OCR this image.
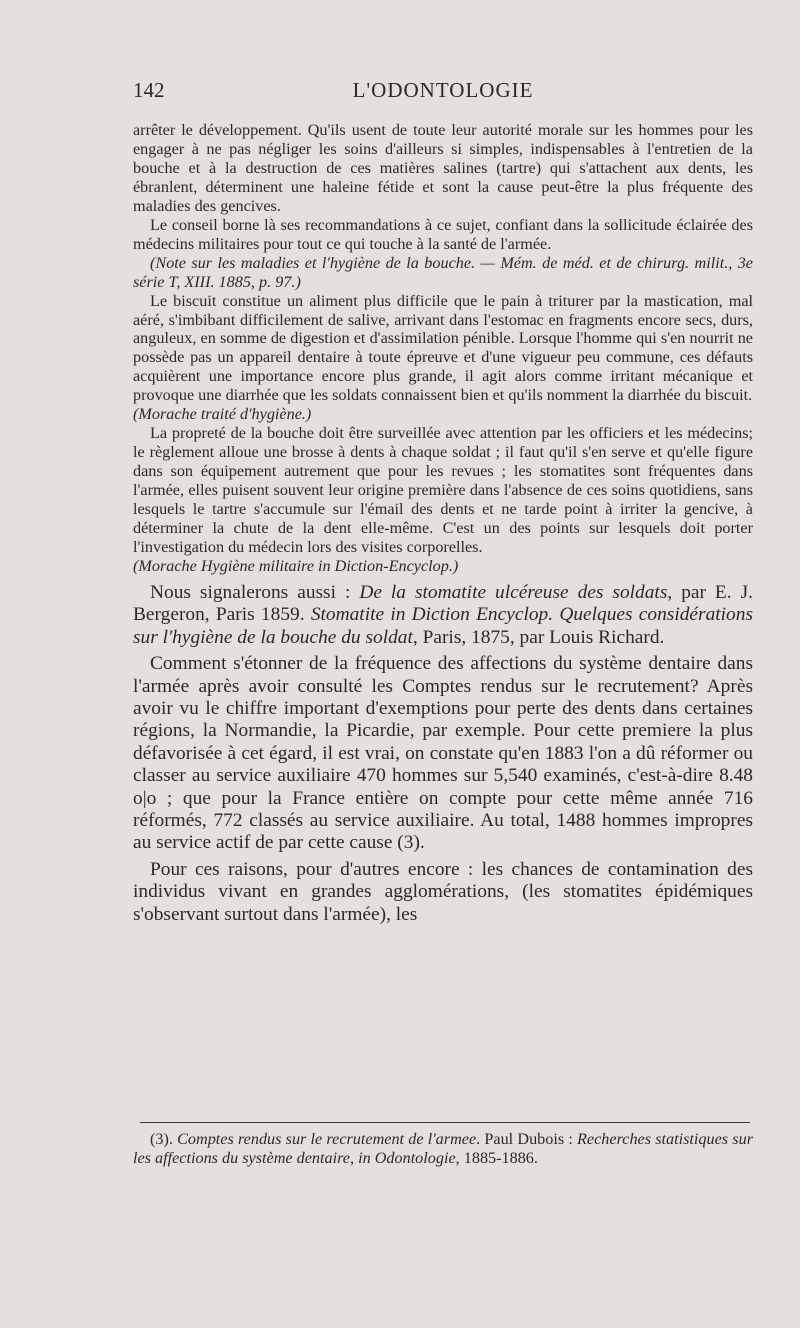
142	L'ODONTOLOGIE

arrêter le développement. Qu'ils usent de toute leur autorité morale sur les hommes pour les engager à ne pas négliger les soins d'ailleurs si simples, indispensables à l'entretien de la bouche et à la destruction de ces matières salines (tartre) qui s'attachent aux dents, les ébranlent, déterminent une haleine fétide et sont la cause peut-être la plus fréquente des maladies des gencives.

Le conseil borne là ses recommandations à ce sujet, confiant dans la sollicitude éclairée des médecins militaires pour tout ce qui touche à la santé de l'armée.

(Note sur les maladies et l'hygiène de la bouche. — Mém. de méd. et de chirurg. milit., 3e série T, XIII. 1885, p. 97.)

Le biscuit constitue un aliment plus difficile que le pain à triturer par la mastication, mal aéré, s'imbibant difficilement de salive, arrivant dans l'estomac en fragments encore secs, durs, anguleux, en somme de digestion et d'assimilation pénible. Lorsque l'homme qui s'en nourrit ne possède pas un appareil dentaire à toute épreuve et d'une vigueur peu commune, ces défauts acquièrent une importance encore plus grande, il agit alors comme irritant mécanique et provoque une diarrhée que les soldats connaissent bien et qu'ils nomment la diarrhée du biscuit.

(Morache traité d'hygiène.)

La propreté de la bouche doit être surveillée avec attention par les officiers et les médecins; le règlement alloue une brosse à dents à chaque soldat ; il faut qu'il s'en serve et qu'elle figure dans son équipement autrement que pour les revues ; les stomatites sont fréquentes dans l'armée, elles puisent souvent leur origine première dans l'absence de ces soins quotidiens, sans lesquels le tartre s'accumule sur l'émail des dents et ne tarde point à irriter la gencive, à déterminer la chute de la dent elle-même. C'est un des points sur lesquels doit porter l'investigation du médecin lors des visites corporelles.

(Morache Hygiène militaire in Diction-Encyclop.)

Nous signalerons aussi : De la stomatite ulcéreuse des soldats, par E. J. Bergeron, Paris 1859. Stomatite in Diction Encyclop. Quelques considérations sur l'hygiène de la bouche du soldat, Paris, 1875, par Louis Richard.

Comment s'étonner de la fréquence des affections du système dentaire dans l'armée après avoir consulté les Comptes rendus sur le recrutement? Après avoir vu le chiffre important d'exemptions pour perte des dents dans certaines régions, la Normandie, la Picardie, par exemple. Pour cette premiere la plus défavorisée à cet égard, il est vrai, on constate qu'en 1883 l'on a dû réformer ou classer au service auxiliaire 470 hommes sur 5,540 examinés, c'est-à-dire 8.48 o|o ; que pour la France entière on compte pour cette même année 716 réformés, 772 classés au service auxiliaire. Au total, 1488 hommes impropres au service actif de par cette cause (3).

Pour ces raisons, pour d'autres encore : les chances de contamination des individus vivant en grandes agglomérations, (les stomatites épidémiques s'observant surtout dans l'armée), les

(3). Comptes rendus sur le recrutement de l'armee. Paul Dubois : Recherches statistiques sur les affections du système dentaire, in Odontologie, 1885-1886.
